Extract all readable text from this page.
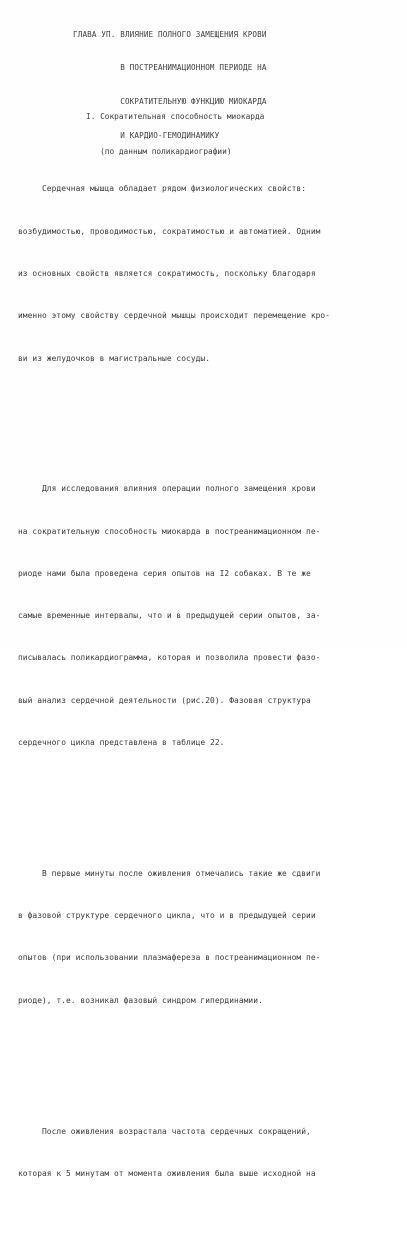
ГЛАВА УП. ВЛИЯНИЕ ПОЛНОГО ЗАМЕЩЕНИЯ КРОВИ

В ПОСТРЕАНИМАЦИОННОМ ПЕРИОДЕ НА

СОКРАТИТЕЛЬНУЮ ФУНКЦИЮ МИОКАРДА

И КАРДИО-ГЕМОДИНАМИКУ

I. Сократительная способность миокарда

(по данным поликардиографии)

Сердечная мышца обладает рядом физиологических свойств:

возбудимостью, проводимостью, сократимостью и автоматией. Одним

из основных свойств является сократимость, поскольку благодаря

именно этому свойству сердечной мышцы происходит перемещение кро-

ви из желудочков в магистральные сосуды.

Для исследования влияния операции полного замещения крови

на сократительную способность миокарда в постреанимационном пе-

риоде нами была проведена серия опытов на I2 собаках. В те же

самые временные интервалы, что и в предыдущей серии опытов, за-

писывалась поликардиограмма, которая и позволила провести фазо-

вый анализ сердечной деятельности (рис.20). Фазовая структура

сердечного цикла представлена в таблице 22.

В первые минуты после оживления отмечались такие же сдвиги

в фазовой структуре сердечного цикла, что и в предыдущей серии

опытов (при использовании плазмафереза в постреанимационном пе-

риоде), т.е. возникал фазовый синдром гипердинамии.

После оживления возрастала частота сердечных сокращений,

которая к 5 минутам от момента оживления была выше исходной на
